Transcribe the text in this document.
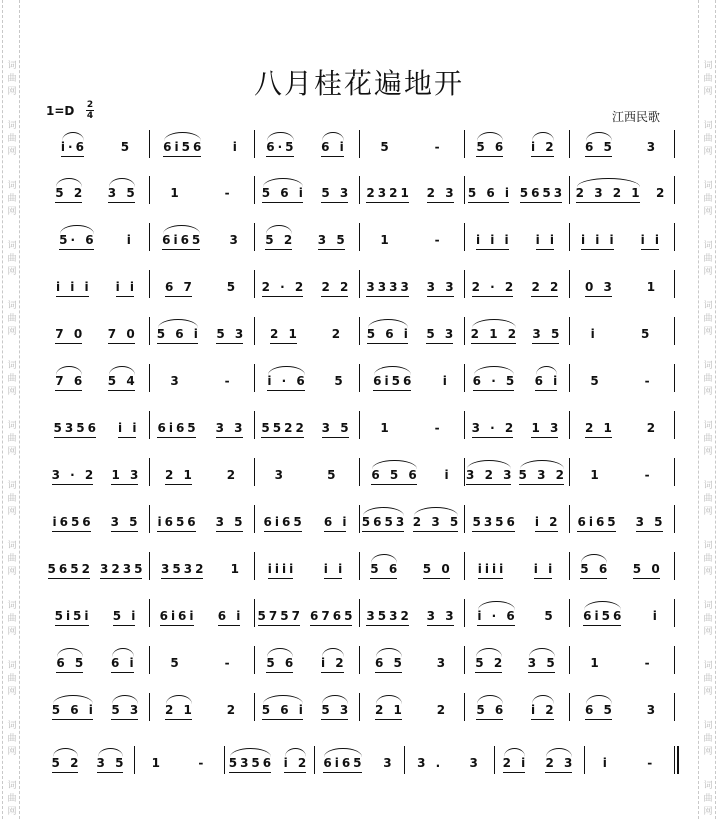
词
曲
网
词
曲
网
词
曲
网
词
曲
网
词
曲
网
词
曲
网
词
曲
网
词
曲
网
词
曲
网
词
曲
网
词
曲
网
词
曲
网
词
曲
网
词
曲
网
词
曲
网
词
曲
网
词
曲
网
词
曲
网
词
曲
网
词
曲
网
词
曲
网
词
曲
网
词
曲
网
词
曲
网
词
曲
网
词
曲
网
八月桂花遍地开
1=D 2
4	江西民歌
i·6	5	6i56 i 6·5 6 i	5	-	5 6 i 2 6 5	3
5 2 3 5	1	- 5 6 i 5 3 2321 2 3 5 6 i 5653 2 3 2 1 2
5· 6	i 6i65 3 5 2 3 5	1	-	i i i i i i i i i i
i i i i i 6 7	5 2 · 2 2 2 3333 3 3 2 · 2 2 2 0 3	1
7 0 7 0 5 6 i 5 3 2 1	2 5 6 i 5 3 2 1 2 3 5 i	5
7 6 5 4	3	-	i · 6 5 6i56 i 6 · 5 6 i	5	-
5356 i i 6i65 3 3 5522 3 5 1	- 3 · 2 1 3 2 1	2
3 · 2 1 3 2 1	2	3	5	6 5 6 i 3 2 3 5 3 2 1	-
i656 3 5 i656 3 5 6i65 6 i 5653 2 3 5 5356 i 2 6i65 3 5
5652 3235 3532 1 iiii i i 5 6 5 0 iiii i i 5 6 5 0
5i5i 5 i 6i6i 6 i 5757 6765 3532 3 3 i · 6 5 6i56 i
6 5 6 i	5	-	5 6 i 2 6 5	3 5 2 3 5	1	-
5 6 i 5 3 2 1	2 5 6 i 5 3 2 1	2 5 6 i 2 6 5	3
5 2 3 5 1	- 5356 i 2 6i65 3 3 . 3 2 i 2 3 i	-
